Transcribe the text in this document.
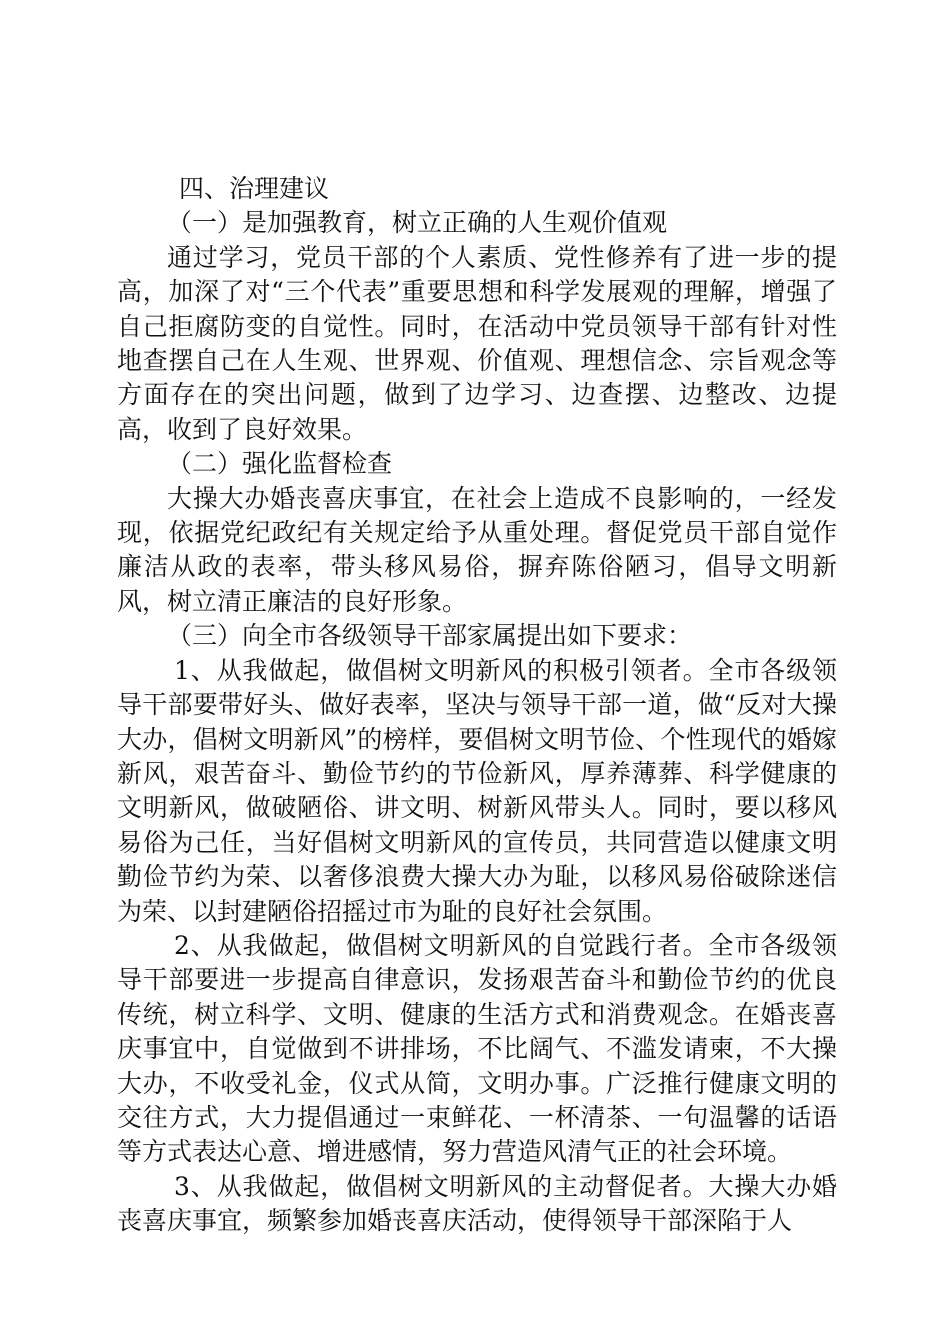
四、治理建议

（一）是加强教育，树立正确的人生观价值观

通过学习，党员干部的个人素质、党性修养有了进一步的提高，加深了对“三个代表”重要思想和科学发展观的理解，增强了自己拒腐防变的自觉性。同时，在活动中党员领导干部有针对性地查摆自己在人生观、世界观、价值观、理想信念、宗旨观念等方面存在的突出问题，做到了边学习、边查摆、边整改、边提高，收到了良好效果。

（二）强化监督检查

大操大办婚丧喜庆事宜，在社会上造成不良影响的，一经发现，依据党纪政纪有关规定给予从重处理。督促党员干部自觉作廉洁从政的表率，带头移风易俗，摒弃陈俗陋习，倡导文明新风，树立清正廉洁的良好形象。

（三）向全市各级领导干部家属提出如下要求：

1、从我做起，做倡树文明新风的积极引领者。全市各级领导干部要带好头、做好表率，坚决与领导干部一道，做“反对大操大办，倡树文明新风”的榜样，要倡树文明节俭、个性现代的婚嫁新风，艰苦奋斗、勤俭节约的节俭新风，厚养薄葬、科学健康的文明新风，做破陋俗、讲文明、树新风带头人。同时，要以移风易俗为己任，当好倡树文明新风的宣传员，共同营造以健康文明勤俭节约为荣、以奢侈浪费大操大办为耻，以移风易俗破除迷信为荣、以封建陋俗招摇过市为耻的良好社会氛围。

2、从我做起，做倡树文明新风的自觉践行者。全市各级领导干部要进一步提高自律意识，发扬艰苦奋斗和勤俭节约的优良传统，树立科学、文明、健康的生活方式和消费观念。在婚丧喜庆事宜中，自觉做到不讲排场，不比阔气、不滥发请柬，不大操大办，不收受礼金，仪式从简，文明办事。广泛推行健康文明的交往方式，大力提倡通过一束鲜花、一杯清茶、一句温馨的话语等方式表达心意、增进感情，努力营造风清气正的社会环境。

3、从我做起，做倡树文明新风的主动督促者。大操大办婚丧喜庆事宜，频繁参加婚丧喜庆活动，使得领导干部深陷于人
